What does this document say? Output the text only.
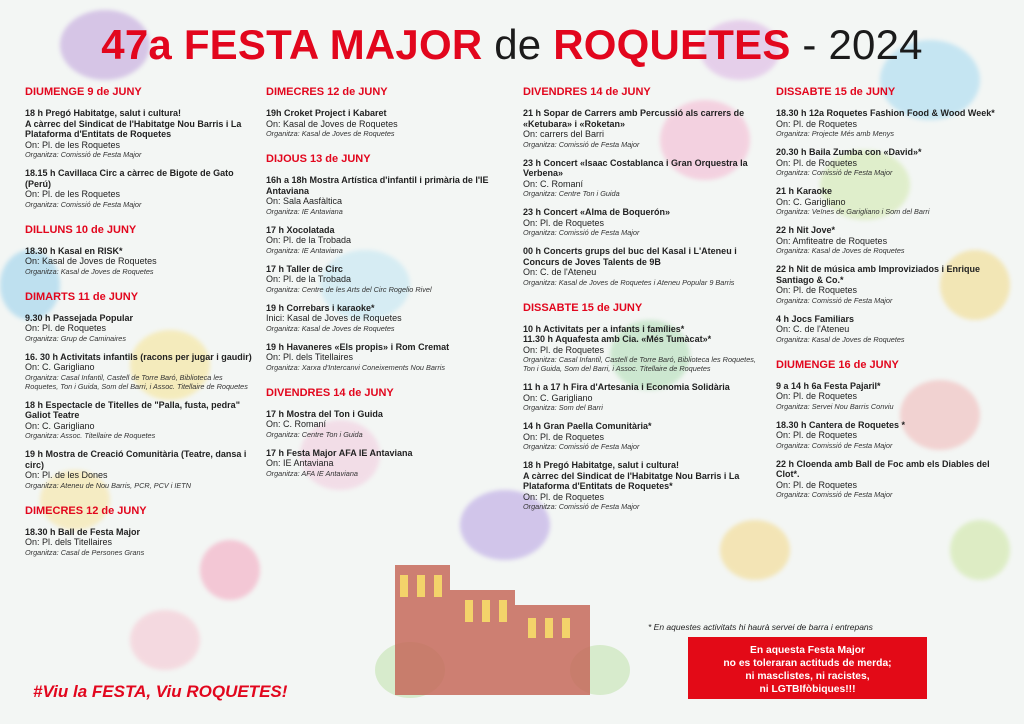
47a FESTA MAJOR de ROQUETES - 2024
DIUMENGE 9 de JUNY
18 h Pregó Habitatge, salut i cultura!
A càrrec del Sindicat de l'Habitatge Nou Barris i La Plataforma d'Entitats de Roquetes
On: Pl. de les Roquetes
Organitza: Comissió de Festa Major
18.15 h Cavillaca Circ a càrrec de Bigote de Gato (Perú)
On: Pl. de les Roquetes
Organitza: Comissió de Festa Major
DILLUNS 10 de JUNY
18.30 h Kasal en RISK*
On: Kasal de Joves de Roquetes
Organitza: Kasal de Joves de Roquetes
DIMARTS 11 de JUNY
9.30 h Passejada Popular
On: Pl. de Roquetes
Organitza: Grup de Caminaires
16. 30 h Activitats infantils (racons per jugar i gaudir)
On: C. Garigliano
Organitza: Casal Infantil, Castell de Torre Baró, Biblioteca les Roquetes, Ton i Guida, Som del Barri, i Assoc. Titellaire de Roquetes
18 h Espectacle de Titelles de "Palla, fusta, pedra" Galiot Teatre
On: C. Garigliano
Organitza: Assoc. Titellaire de Roquetes
19 h Mostra de Creació Comunitària (Teatre, dansa i circ)
On: Pl. de les Dones
Organitza: Ateneu de Nou Barris, PCR, PCV i IETN
DIMECRES 12 de JUNY
18.30 h Ball de Festa Major
On: Pl. dels Titellaires
Organitza: Casal de Persones Grans
DIMECRES 12 de JUNY
19h Croket Project i Kabaret
On: Kasal de Joves de Roquetes
Organitza: Kasal de Joves de Roquetes
DIJOUS 13 de JUNY
16h a 18h Mostra Artística d'infantil i primària de l'IE Antaviana
On: Sala Aasfàltica
Organitza: IE Antaviana
17 h Xocolatada
On: Pl. de la Trobada
Organitza: IE Antaviana
17 h Taller de Circ
On: Pl. de la Trobada
Organitza: Centre de les Arts del Circ Rogelio Rivel
19 h Correbars i karaoke*
Inici: Kasal de Joves de Roquetes
Organitza: Kasal de Joves de Roquetes
19 h Havaneres «Els propis» i Rom Cremat
On: Pl. dels Titellaires
Organitza: Xarxa d'Intercanvi Coneixements Nou Barris
DIVENDRES 14 de JUNY
17 h Mostra del Ton i Guida
On: C. Romaní
Organitza: Centre Ton i Guida
17 h Festa Major AFA IE Antaviana
On: IE Antaviana
Organitza: AFA IE Antaviana
DIVENDRES 14 de JUNY
21 h Sopar de Carrers amb Percussió als carrers de «Ketubara» i «Roketan»
On: carrers del Barri
Organitza: Comissió de Festa Major
23 h Concert «Isaac Costablanca i Gran Orquestra la Verbena»
On: C. Romaní
Organitza: Centre Ton i Guida
23 h Concert «Alma de Boquerón»
On: Pl. de Roquetes
Organitza: Comissió de Festa Major
00 h Concerts grups del buc del Kasal i L'Ateneu i Concurs de Joves Talents de 9B
On: C. de l'Ateneu
Organitza: Kasal de Joves de Roquetes i Ateneu Popular 9 Barris
DISSABTE 15 de JUNY
10 h Activitats per a infants i famílies*
11.30 h Aquafesta amb Cia. «Més Tumàcat»*
On: Pl. de Roquetes
Organitza: Casal Infantil, Castell de Torre Baró, Biblioteca les Roquetes, Ton i Guida, Som del Barri, i Assoc. Titellaire de Roquetes
11 h a 17 h Fira d'Artesania i Economia Solidària
On: C. Garigliano
Organitza: Som del Barri
14 h Gran Paella Comunitària*
On: Pl. de Roquetes
Organitza: Comissió de Festa Major
18 h Pregó Habitatge, salut i cultura!
A càrrec del Sindicat de l'Habitatge Nou Barris i La Plataforma d'Entitats de Roquetes*
On: Pl. de Roquetes
Organitza: Comissió de Festa Major
DISSABTE 15 de JUNY
18.30 h 12a Roquetes Fashion Food & Wood Week*
On: Pl. de Roquetes
Organitza: Projecte Més amb Menys
20.30 h Baila Zumba con «David»*
On: Pl. de Roquetes
Organitza: Comissió de Festa Major
21 h Karaoke
On: C. Garigliano
Organitza: Veïnes de Garigliano i Som del Barri
22 h Nit Jove*
On: Amfiteatre de Roquetes
Organitza: Kasal de Joves de Roquetes
22 h Nit de música amb Improviziados i Enrique Santiago & Co.*
On: Pl. de Roquetes
Organitza: Comissió de Festa Major
4 h Jocs Familiars
On: C. de l'Ateneu
Organitza: Kasal de Joves de Roquetes
DIUMENGE 16 de JUNY
9 a 14 h 6a Festa Pajaril*
On: Pl. de Roquetes
Organitza: Servei Nou Barris Conviu
18.30 h Cantera de Roquetes *
On: Pl. de Roquetes
Organitza: Comissió de Festa Major
22 h Cloenda amb Ball de Foc amb els Diables del Clot*.
On: Pl. de Roquetes
Organitza: Comissió de Festa Major
* En aquestes activitats hi haurà servei de barra i entrepans
En aquesta Festa Major
no es toleraran actituds de merda;
ni masclistes, ni racistes,
ni LGTBIfòbiques!!!
#Viu la FESTA, Viu ROQUETES!
